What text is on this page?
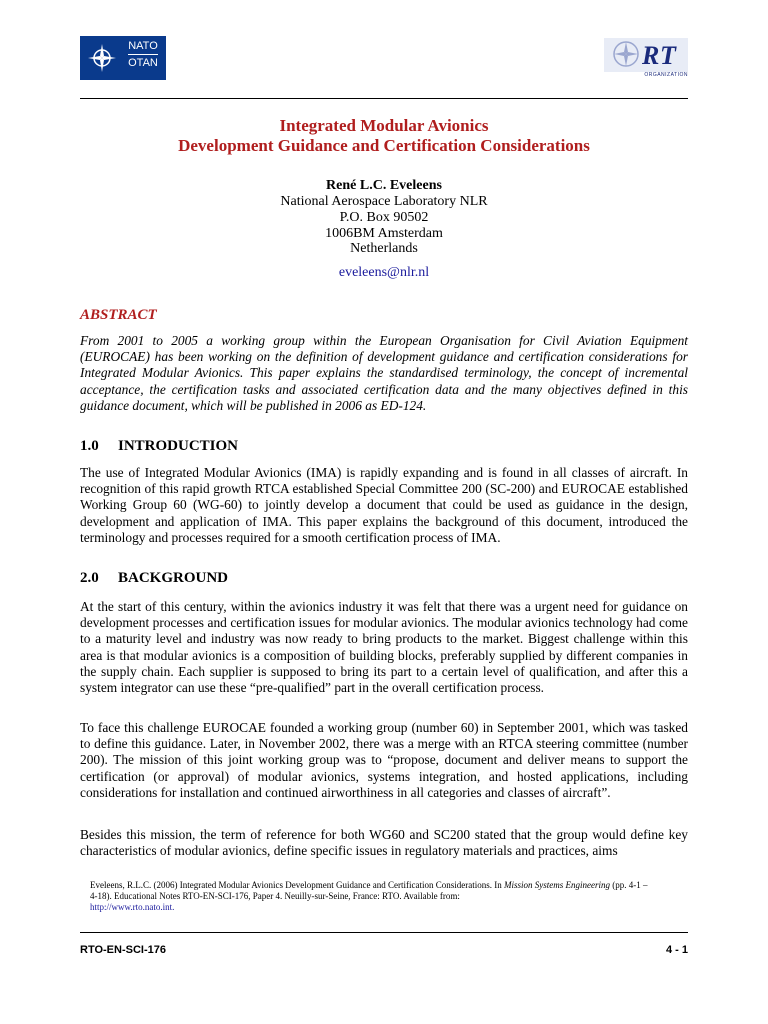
NATO
OTAN	R T
ORGANIZATION
Integrated Modular Avionics
Development Guidance and Certification Considerations
René L.C. Eveleens
National Aerospace Laboratory NLR
P.O. Box 90502
1006BM Amsterdam
Netherlands
eveleens@nlr.nl
ABSTRACT
From 2001 to 2005 a working group within the European Organisation for Civil Aviation Equipment (EUROCAE) has been working on the definition of development guidance and certification considerations for Integrated Modular Avionics. This paper explains the standardised terminology, the concept of incremental acceptance, the certification tasks and associated certification data and the many objectives defined in this guidance document, which will be published in 2006 as ED-124.
1.0 INTRODUCTION
The use of Integrated Modular Avionics (IMA) is rapidly expanding and is found in all classes of aircraft. In recognition of this rapid growth RTCA established Special Committee 200 (SC-200) and EUROCAE established Working Group 60 (WG-60) to jointly develop a document that could be used as guidance in the design, development and application of IMA. This paper explains the background of this document, introduced the terminology and processes required for a smooth certification process of IMA.
2.0 BACKGROUND
At the start of this century, within the avionics industry it was felt that there was a urgent need for guidance on development processes and certification issues for modular avionics. The modular avionics technology had come to a maturity level and industry was now ready to bring products to the market. Biggest challenge within this area is that modular avionics is a composition of building blocks, preferably supplied by different companies in the supply chain. Each supplier is supposed to bring its part to a certain level of qualification, and after this a system integrator can use these “pre-qualified” part in the overall certification process.
To face this challenge EUROCAE founded a working group (number 60) in September 2001, which was tasked to define this guidance. Later, in November 2002, there was a merge with an RTCA steering committee (number 200). The mission of this joint working group was to “propose, document and deliver means to support the certification (or approval) of modular avionics, systems integration, and hosted applications, including considerations for installation and continued airworthiness in all categories and classes of aircraft”.
Besides this mission, the term of reference for both WG60 and SC200 stated that the group would define key characteristics of modular avionics, define specific issues in regulatory materials and practices, aims
Eveleens, R.L.C. (2006) Integrated Modular Avionics Development Guidance and Certification Considerations. In Mission Systems Engineering (pp. 4-1 – 4-18). Educational Notes RTO-EN-SCI-176, Paper 4. Neuilly-sur-Seine, France: RTO. Available from:
http://www.rto.nato.int.
RTO-EN-SCI-176	4 - 1
